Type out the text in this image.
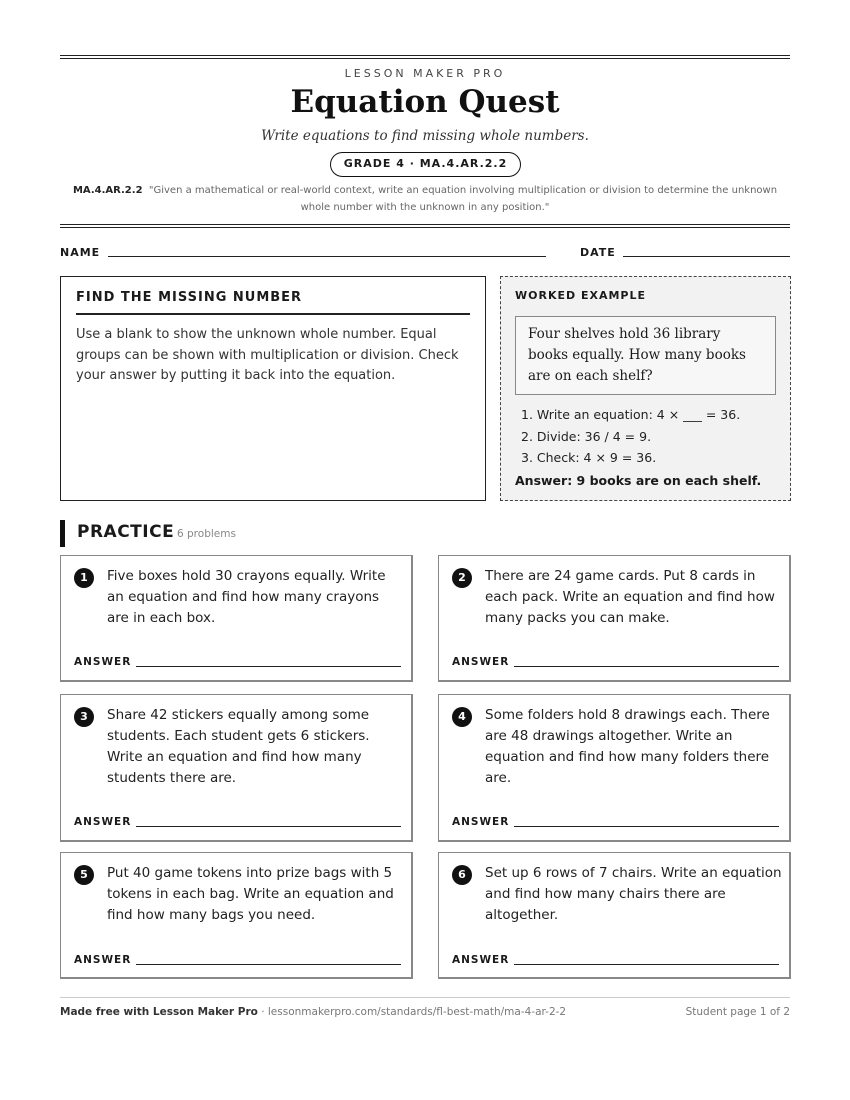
LESSON MAKER PRO
Equation Quest
Write equations to find missing whole numbers.
GRADE 4 · MA.4.AR.2.2
MA.4.AR.2.2 "Given a mathematical or real-world context, write an equation involving multiplication or division to determine the unknown whole number with the unknown in any position."
NAME	DATE
FIND THE MISSING NUMBER

Use a blank to show the unknown whole number. Equal groups can be shown with multiplication or division. Check your answer by putting it back into the equation.

WORKED EXAMPLE
Four shelves hold 36 library books equally. How many books are on each shelf?
1. Write an equation: 4 × ___ = 36.
2. Divide: 36 / 4 = 9.
3. Check: 4 × 9 = 36.
Answer: 9 books are on each shelf.
PRACTICE 6 problems
1	Five boxes hold 30 crayons equally. Write an equation and find how many crayons are in each box.
ANSWER
2	There are 24 game cards. Put 8 cards in each pack. Write an equation and find how many packs you can make.
ANSWER
3	Share 42 stickers equally among some students. Each student gets 6 stickers. Write an equation and find how many students there are.
ANSWER
4	Some folders hold 8 drawings each. There are 48 drawings altogether. Write an equation and find how many folders there are.
ANSWER
5	Put 40 game tokens into prize bags with 5 tokens in each bag. Write an equation and find how many bags you need.
ANSWER
6	Set up 6 rows of 7 chairs. Write an equation and find how many chairs there are altogether.
ANSWER
Made free with Lesson Maker Pro · lessonmakerpro.com/standards/fl-best-math/ma-4-ar-2-2	Student page 1 of 2
